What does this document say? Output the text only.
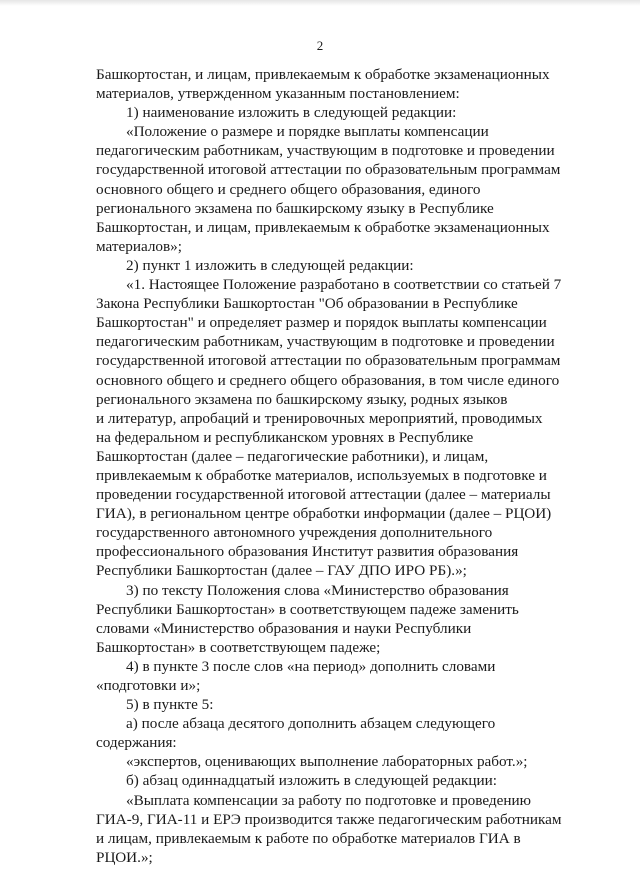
2

Башкортостан, и лицам, привлекаемым к обработке экзаменационных
материалов, утвержденном указанным постановлением:

1) наименование изложить в следующей редакции:

«Положение о размере и порядке выплаты компенсации
педагогическим работникам, участвующим в подготовке и проведении
государственной итоговой аттестации по образовательным программам
основного общего и среднего общего образования, единого
регионального экзамена по башкирскому языку в Республике
Башкортостан, и лицам, привлекаемым к обработке экзаменационных
материалов»;

2) пункт 1 изложить в следующей редакции:

«1. Настоящее Положение разработано в соответствии со статьей 7
Закона Республики Башкортостан "Об образовании в Республике
Башкортостан" и определяет размер и порядок выплаты компенсации
педагогическим работникам, участвующим в подготовке и проведении
государственной итоговой аттестации по образовательным программам
основного общего и среднего общего образования, в том числе единого
регионального экзамена по башкирскому языку, родных языков
и литератур, апробаций и тренировочных мероприятий, проводимых
на федеральном и республиканском уровнях в Республике
Башкортостан (далее – педагогические работники), и лицам,
привлекаемым к обработке материалов, используемых в подготовке и
проведении государственной итоговой аттестации (далее – материалы
ГИА), в региональном центре обработки информации (далее – РЦОИ)
государственного автономного учреждения дополнительного
профессионального образования Институт развития образования
Республики Башкортостан (далее – ГАУ ДПО ИРО РБ).»;

3) по тексту Положения слова «Министерство образования
Республики Башкортостан» в соответствующем падеже заменить
словами «Министерство образования и науки Республики
Башкортостан» в соответствующем падеже;

4) в пункте 3 после слов «на период» дополнить словами
«подготовки и»;

5) в пункте 5:

а) после абзаца десятого дополнить абзацем следующего
содержания:

«экспертов, оценивающих выполнение лабораторных работ.»;

б) абзац одиннадцатый изложить в следующей редакции:

«Выплата компенсации за работу по подготовке и проведению
ГИА-9, ГИА-11 и ЕРЭ производится также педагогическим работникам
и лицам, привлекаемым к работе по обработке материалов ГИА в
РЦОИ.»;
